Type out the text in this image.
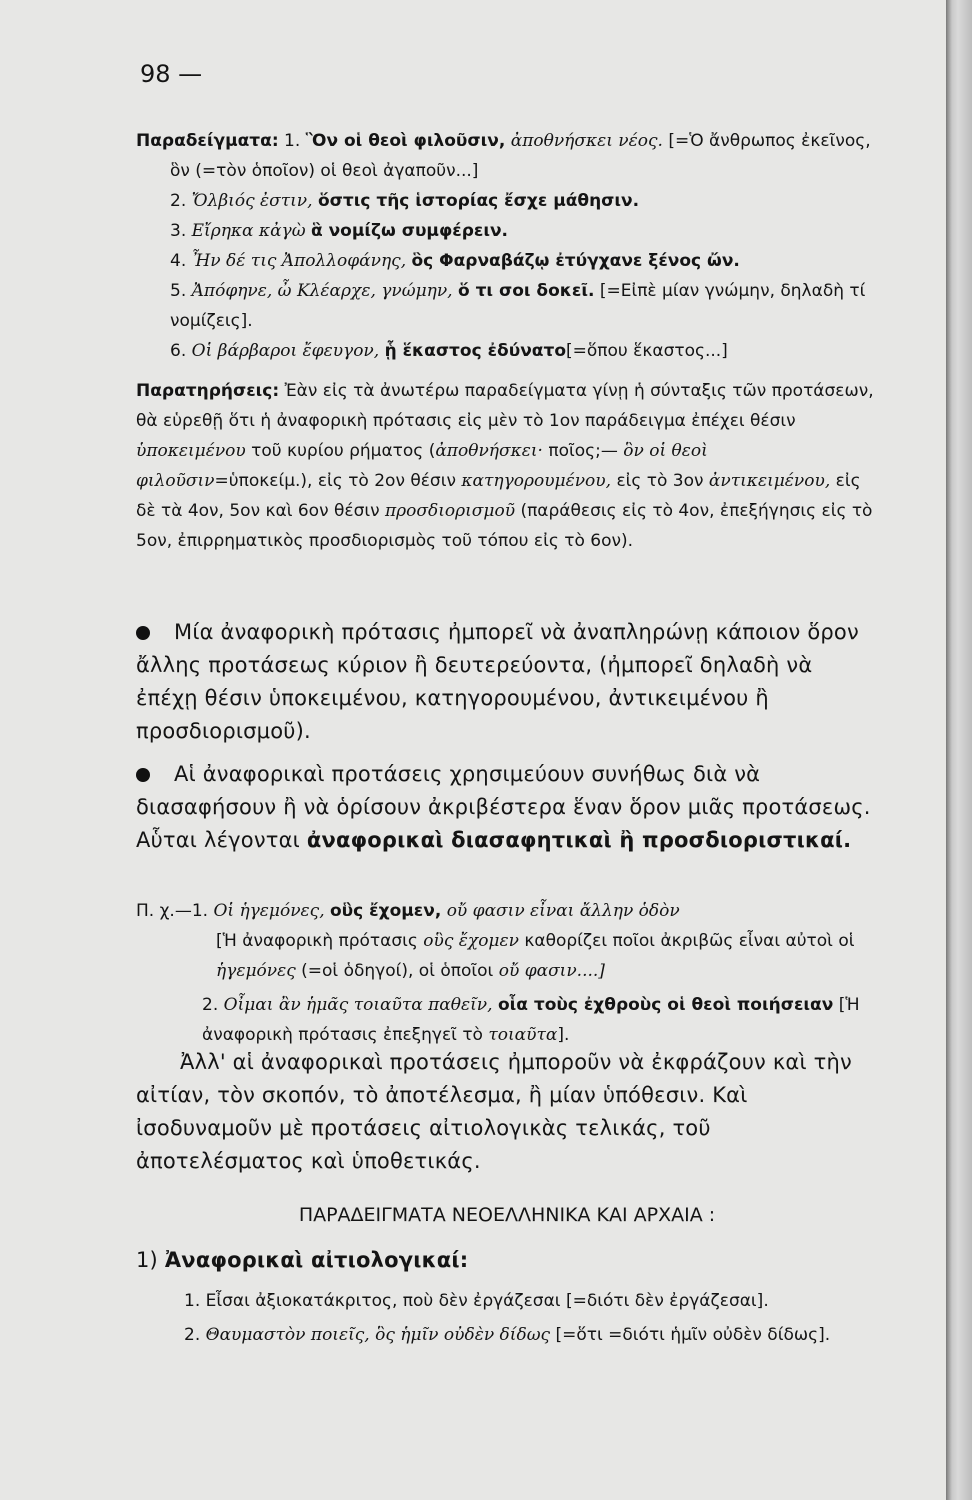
98 —
Παραδείγματα: 1. Ὃν οἱ θεοὶ φιλοῦσιν, ἀποθνήσκει νέος. [=Ὁ ἄνθρωπος ἐκεῖνος, ὃν (=τὸν ὁποῖον) οἱ θεοὶ ἀγαποῦν...]
2. Ὄλβιός ἐστιν, ὅστις τῆς ἱστορίας ἔσχε μάθησιν.
3. Εἴρηκα κἀγὼ ἃ νομίζω συμφέρειν.
4. Ἦν δέ τις Ἀπολλοφάνης, ὃς Φαρναβάζῳ ἐτύγχανε ξένος ὤν.
5. Ἀπόφηνε, ὦ Κλέαρχε, γνώμην, ὅ τι σοι δοκεῖ. [=Εἰπὲ μίαν γνώμην, δηλαδὴ τί νομίζεις].
6. Οἱ βάρβαροι ἔφευγον, ᾗ ἕκαστος ἐδύνατο[=ὅπου ἕκαστος...]
Παρατηρήσεις: Ἐὰν εἰς τὰ ἀνωτέρω παραδείγματα γίνῃ ἡ σύνταξις τῶν προτάσεων, θὰ εὑρεθῇ ὅτι ἡ ἀναφορικὴ πρότασις εἰς μὲν τὸ 1ον παράδειγμα ἐπέχει θέσιν ὑποκειμένου τοῦ κυρίου ρήματος (ἀποθνήσκει· ποῖος;— ὃν οἱ θεοὶ φιλοῦσιν=ὑποκείμ.), εἰς τὸ 2ον θέσιν κατηγορουμένου, εἰς τὸ 3ον ἀντικειμένου, εἰς δὲ τὰ 4ον, 5ον καὶ 6ον θέσιν προσδιορισμοῦ (παράθεσις εἰς τὸ 4ον, ἐπεξήγησις εἰς τὸ 5ον, ἐπιρρηματικὸς προσδιορισμὸς τοῦ τόπου εἰς τὸ 6ον).
Μία ἀναφορικὴ πρότασις ἠμπορεῖ νὰ ἀναπληρώνῃ κάποιον ὅρον ἄλλης προτάσεως κύριον ἢ δευτερεύοντα, (ἠμπορεῖ δηλαδὴ νὰ ἐπέχῃ θέσιν ὑποκειμένου, κατηγορουμένου, ἀντικειμένου ἢ προσδιορισμοῦ).
Αἱ ἀναφορικαὶ προτάσεις χρησιμεύουν συνήθως διὰ νὰ διασαφήσουν ἢ νὰ ὁρίσουν ἀκριβέστερα ἕναν ὅρον μιᾶς προτάσεως. Αὗται λέγονται ἀναφορικαὶ διασαφητικαὶ ἢ προσδιοριστικαί.
Π. χ.—1. Οἱ ἡγεμόνες, οὓς ἔχομεν, οὔ φασιν εἶναι ἄλλην ὁδὸν
[Ἡ ἀναφορικὴ πρότασις οὓς ἔχομεν καθορίζει ποῖοι ἀκριβῶς εἶναι αὐτοὶ οἱ ἡγεμόνες (=οἱ ὁδηγοί), οἱ ὁποῖοι οὔ φασιν....]
2. Οἶμαι ἂν ἡμᾶς τοιαῦτα παθεῖν, οἷα τοὺς ἐχθροὺς οἱ θεοὶ ποιήσειαν [Ἡ ἀναφορικὴ πρότασις ἐπεξηγεῖ τὸ τοιαῦτα].
Ἀλλ' αἱ ἀναφορικαὶ προτάσεις ἠμποροῦν νὰ ἐκφράζουν καὶ τὴν αἰτίαν, τὸν σκοπόν, τὸ ἀποτέλεσμα, ἢ μίαν ὑπόθεσιν. Καὶ ἰσοδυναμοῦν μὲ προτάσεις αἰτιολογικὰς τελικάς, τοῦ ἀποτελέσματος καὶ ὑποθετικάς.
ΠΑΡΑΔΕΙΓΜΑΤΑ ΝΕΟΕΛΛΗΝΙΚΑ ΚΑΙ ΑΡΧΑΙΑ :
1) Ἀναφορικαὶ αἰτιολογικαί:
1. Εἶσαι ἀξιοκατάκριτος, ποὺ δὲν ἐργάζεσαι [=διότι δὲν ἐργάζεσαι].
2. Θαυμαστὸν ποιεῖς, ὃς ἡμῖν οὐδὲν δίδως [=ὅτι =διότι ἡμῖν οὐδὲν δίδως].
